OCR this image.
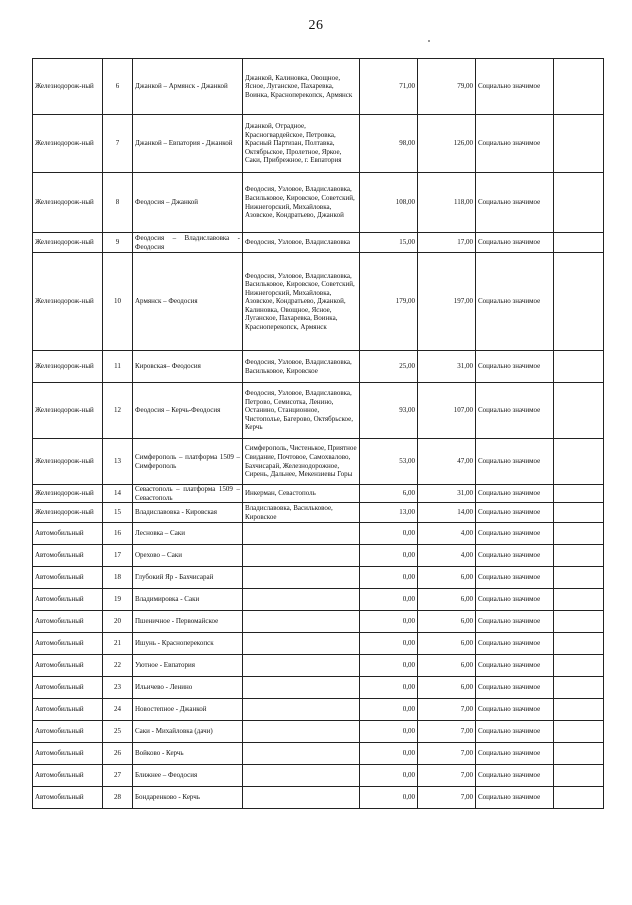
26
Железнодорож-ный	6	Джанкой – Армянск - Джанкой	Джанкой, Калиновка, Овощное, Ясное, Луганское, Пахаревка, Воинка, Краснoперекопск, Армянск	71,00	79,00	Социально значимое	
Железнодорож-ный	7	Джанкой – Евпатория - Джанкой	Джанкой, Отрадное, Красногвардейское, Петровка, Красный Партизан, Полтавка, Октябрьское, Пролетное, Яркое, Саки, Прибрежное, г. Евпатория	98,00	126,00	Социально значимое	
Железнодорож-ный	8	Феодосия – Джанкой	Феодосия, Узловое, Владиславовка, Васильковое, Кировское, Советский, Нижнегорский, Михайловка, Азовское, Кондратьево, Джанкой	108,00	118,00	Социально значимое	
Железнодорож-ный	9	Феодосия – Владиславовка - Феодосия	Феодосия, Узловое, Владиславовка	15,00	17,00	Социально значимое	
Железнодорож-ный	10	Армянск – Феодосия	Феодосия, Узловое, Владиславовка, Васильковое, Кировское, Советский, Нижнегорский, Михайловка, Азовское, Кондратьево, Джанкой, Калиновка, Овощное, Ясное, Луганское, Пахаревка, Воинка, Красноперекопск, Армянск	179,00	197,00	Социально значимое	
Железнодорож-ный	11	Кировская– Феодосия	Феодосия, Узловое, Владиславовка, Васильковое, Кировское	25,00	31,00	Социально значимое	
Железнодорож-ный	12	Феодосия – Керчь-Феодосия	Феодосия, Узловое, Владиславовка, Петрово, Семисотка, Ленино, Останино, Станционное, Чистополье, Багерово, Октябрьское, Керчь	93,00	107,00	Социально значимое	
Железнодорож-ный	13	Симферополь – платформа 1509 – Симферополь	Симферополь, Чистенькое, Приятное Свидание, Почтовое, Самохвалово, Бахчисарай, Железнодорожное, Сирень, Дальнее, Мекензиевы Горы	53,00	47,00	Социально значимое	
Железнодорож-ный	14	Севастополь – платформа 1509 – Севастополь	Инкерман, Севастополь	6,00	31,00	Социально значимое	
Железнодорож-ный	15	Владиславовка - Кировская	Владиславовка, Васильковое, Кировское	13,00	14,00	Социально значимое	
Автомобильный	16	Лесновка – Саки		0,00	4,00	Социально значимое	
Автомобильный	17	Орехово – Саки		0,00	4,00	Социально значимое	
Автомобильный	18	Глубокий Яр - Бахчисарай		0,00	6,00	Социально значимое	
Автомобильный	19	Владимировка - Саки		0,00	6,00	Социально значимое	
Автомобильный	20	Пшеничное - Первомайское		0,00	6,00	Социально значимое	
Автомобильный	21	Ишунь - Красноперекопск		0,00	6,00	Социально значимое	
Автомобильный	22	Уютное - Евпатория		0,00	6,00	Социально значимое	
Автомобильный	23	Ильичево - Ленино		0,00	6,00	Социально значимое	
Автомобильный	24	Новостепное - Джанкой		0,00	7,00	Социально значимое	
Автомобильный	25	Саки - Михайловка (дачи)		0,00	7,00	Социально значимое	
Автомобильный	26	Войково - Керчь		0,00	7,00	Социально значимое	
Автомобильный	27	Ближнее – Феодосия		0,00	7,00	Социально значимое	
Автомобильный	28	Бондаренково - Керчь		0,00	7,00	Социально значимое	
